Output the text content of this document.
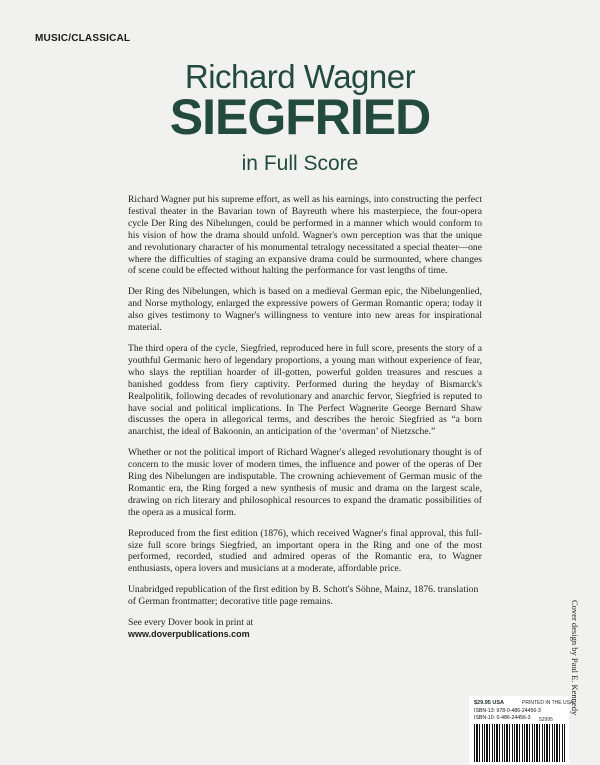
MUSIC/CLASSICAL
Richard Wagner
SIEGFRIED
in Full Score

Richard Wagner put his supreme effort, as well as his earnings, into constructing the perfect festival theater in the Bavarian town of Bayreuth where his masterpiece, the four-opera cycle Der Ring des Nibelungen, could be performed in a manner which would conform to his vision of how the drama should unfold. Wagner's own perception was that the unique and revolutionary character of his monumental tetralogy necessitated a special theater—one where the difficulties of staging an expansive drama could be surmounted, where changes of scene could be effected without halting the performance for vast lengths of time.

Der Ring des Nibelungen, which is based on a medieval German epic, the Nibelungenlied, and Norse mythology, enlarged the expressive powers of German Romantic opera; today it also gives testimony to Wagner's willingness to venture into new areas for inspirational material.

The third opera of the cycle, Siegfried, reproduced here in full score, presents the story of a youthful Germanic hero of legendary proportions, a young man without experience of fear, who slays the reptilian hoarder of ill-gotten, powerful golden treasures and rescues a banished goddess from fiery captivity. Performed during the heyday of Bismarck's Realpolitik, following decades of revolutionary and anarchic fervor, Siegfried is reputed to have social and political implications. In The Perfect Wagnerite George Bernard Shaw discusses the opera in allegorical terms, and describes the heroic Siegfried as “a born anarchist, the ideal of Bakoonin, an anticipation of the ‘overman’ of Nietzsche.”

Whether or not the political import of Richard Wagner's alleged revolutionary thought is of concern to the music lover of modern times, the influence and power of the operas of Der Ring des Nibelungen are indisputable. The crowning achievement of German music of the Romantic era, the Ring forged a new synthesis of music and drama on the largest scale, drawing on rich literary and philosophical resources to expand the dramatic possibilities of the opera as a musical form.

Reproduced from the first edition (1876), which received Wagner's final approval, this full-size full score brings Siegfried, an important opera in the Ring and one of the most performed, recorded, studied and admired operas of the Romantic era, to Wagner enthusiasts, opera lovers and musicians at a moderate, affordable price.

Unabridged republication of the first edition by B. Schott's Söhne, Mainz, 1876. translation of German frontmatter; decorative title page remains.

See every Dover book in print at
www.doverpublications.com	Cover design by Paul E. Kennedy
$29.95 USA	PRINTED IN THE USA
ISBN-13: 978-0-486-24456-3
ISBN-10: 0-486-24456-3 52995
